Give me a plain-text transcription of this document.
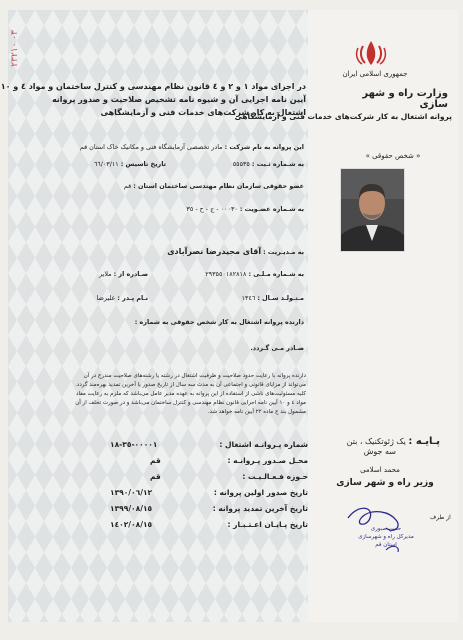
۲۳۲۱۰ ۰۳
جمهوری اسلامی ایران
وزارت راه و شهر سازی
پروانه اشتغال به کار شرکت‌های خدمات فنی و آزمایشگاهی
در اجرای مواد ۱ و ۲ و ٤ قانون نظام مهندسی و کنترل ساختمان و مواد ٤ و ۱۰
آیین نامه اجرایی آن و شیوه نامه تشخیص صلاحیت و صدور پروانه
اشتغال به کار شرکت‌های خدمات فنی و آزمایشگاهی
« شخص حقوقی »
این پروانه به نام شرکت : مادر تخصصی آزمایشگاه فنی و مکانیک خاک استان قم
به شـماره ثـبت : ٥٥۵۳٥
تاریخ تاسیس : ٦٦/۰۳/۱۱
عضو حقوقی سازمان نظام مهندسی ساختمان استان : قم
به شـماره عضـویت : ۰۰۰۳۰ - ج - ح - ۳٥
به مـدیـریت : آقای مجیدرضا نصرآبادی
به شـماره مـلـی : ۲٩۳٥٥۰۱۸۲۸۱۸
صـادره از : ملایر
مـتـولـد سـال : ۱۳٤٦
نـام پـدر : علیرضا
دارنده پروانه اشتغال به کار شخص حقوقی به شماره :
صـادر مـی گـردد.
دارنده پروانه با رعایت حدود صلاحیت و ظرفیت اشتغال در رشته یا رشته‌های صلاحیت مندرج در آن
می‌تواند از مزایای قانونی و اجتماعی آن به مدت سه سال از تاریخ صدور یا آخرین تمدید بهره‌مند گردد.
کلیه مسئولیت‌های ناشی از استفاده از این پروانه به عهده مدیر عامل می‌باشد که ملزم به رعایت مفاد
مواد ٤ و ۱۰ آیین نامه اجرایی قانون نظام مهندسی و کنترل ساختمان می‌باشد و در صورت تخلف از آن
مشمول بند ج ماده ۲۲ آیین نامه خواهد شد.
شماره پـروانـه اشتغال :
۱۸-۳٥-۰۰۰۰۱
محـل صـدور پـروانـه :
قم
حـوزه فـعـالـیـت :
قم
تاریخ صدور اولین پروانه :
۱۳٩۰/۰٦/۱۲
تاریخ آخرین تمدید پروانه :
۱۳٩٩/۰۸/۱٥
تاریخ پـایـان اعـتـبـار :
۱٤۰۲/۰۸/۱٥
پـایـه : یک ژئوتکنیک ، بتن
سه جوش
محمد اسلامی
وزیر راه و شهر سازی
از طرف
حسن صبوری
مدیرکل راه و شهرسازی
استان قم
